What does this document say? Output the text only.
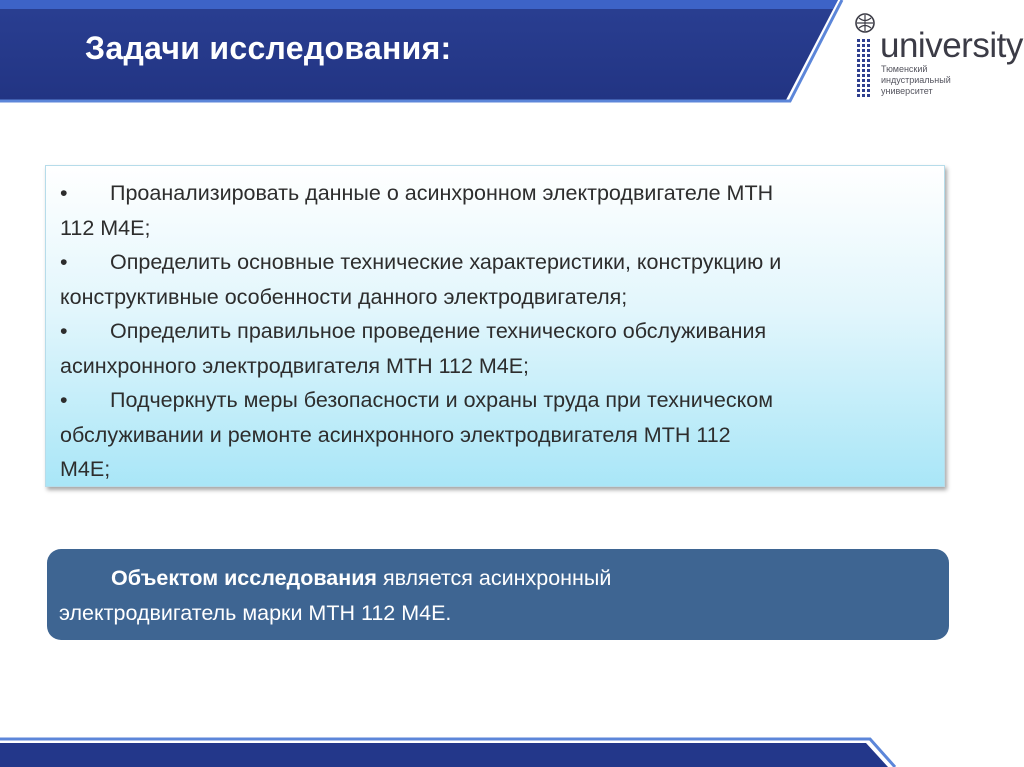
Задачи исследования:	university
Тюменский
индустриальный
университет
• Проанализировать данные о асинхронном электродвигателе МТН
112 М4Е;
• Определить основные технические характеристики, конструкцию и
конструктивные особенности данного электродвигателя;
• Определить правильное проведение технического обслуживания
асинхронного электродвигателя МТН 112 М4Е;
• Подчеркнуть меры безопасности и охраны труда при техническом
обслуживании и ремонте асинхронного электродвигателя МТН 112
М4Е;
Объектом исследования является асинхронный
электродвигатель марки МТН 112 М4Е.
